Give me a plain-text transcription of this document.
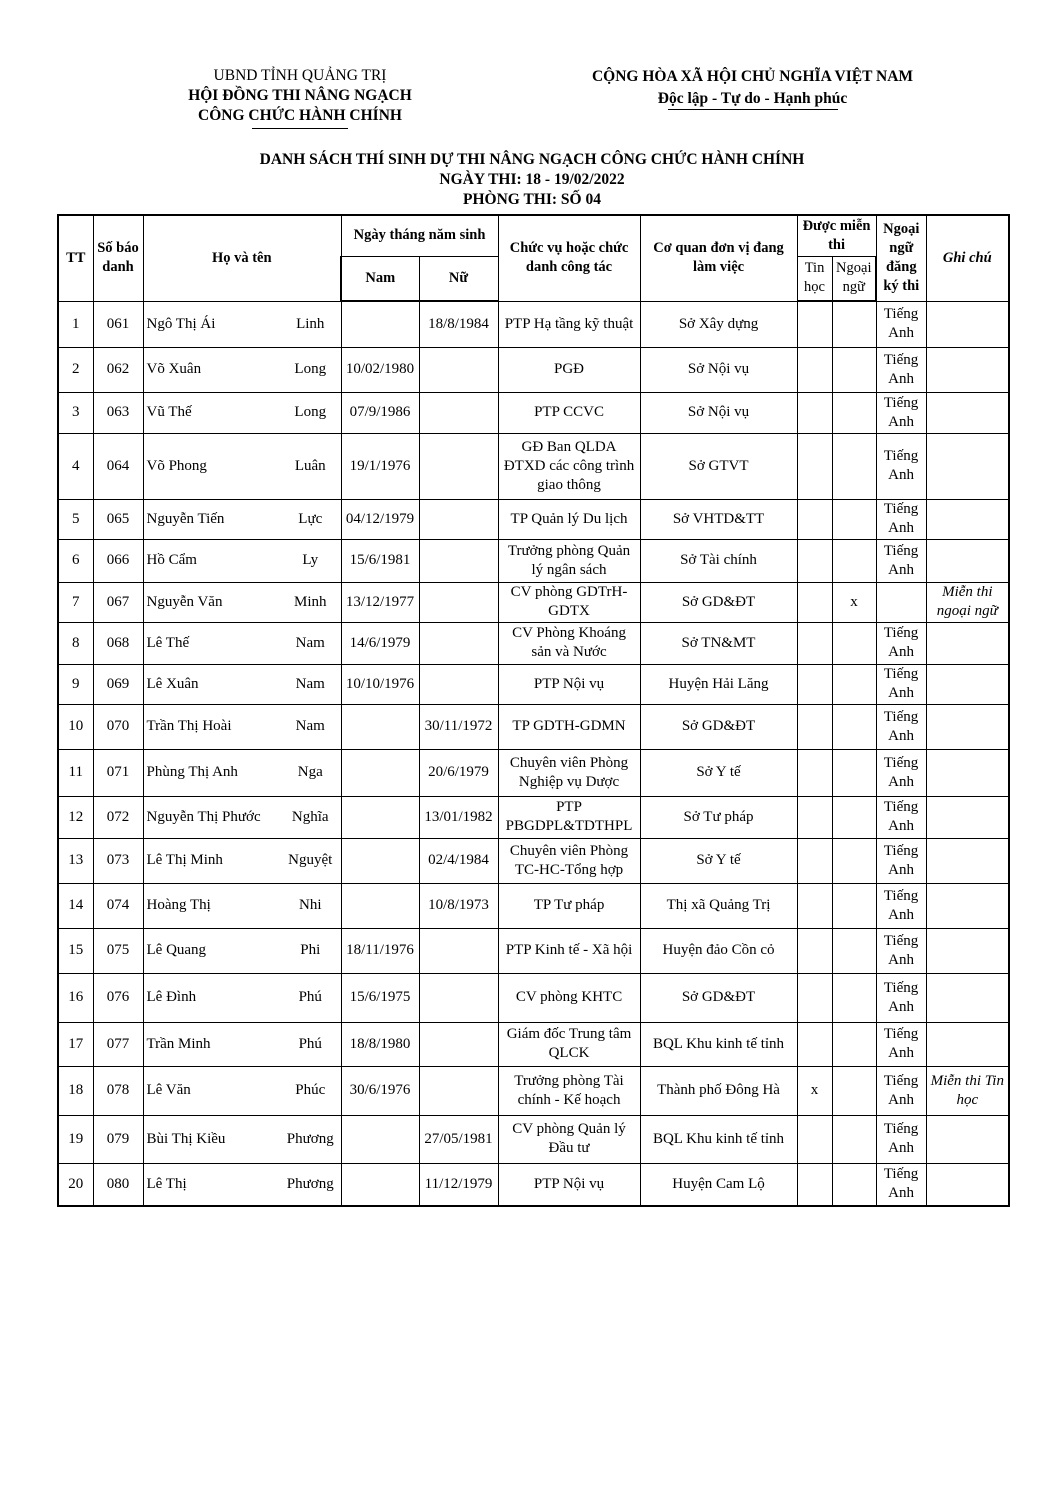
UBND TỈNH QUẢNG TRỊ
HỘI ĐỒNG THI NÂNG NGẠCH
CÔNG CHỨC HÀNH CHÍNH
CỘNG HÒA XÃ HỘI CHỦ NGHĨA VIỆT NAM
Độc lập - Tự do - Hạnh phúc
DANH SÁCH THÍ SINH DỰ THI NÂNG NGẠCH CÔNG CHỨC HÀNH CHÍNH
NGÀY THI: 18 - 19/02/2022
PHÒNG THI: SỐ 04
TT	Số báo danh	Họ và tên		Ngày tháng năm sinh		Chức vụ hoặc chức danh công tác	Cơ quan đơn vị đang làm việc	Được miễn thi		Ngoại ngữ đăng ký thi	Ghi chú
				Nam	Nữ			Tin học	Ngoại ngữ		
1	061	Ngô Thị Ái	Linh		18/8/1984	PTP Hạ tầng kỹ thuật	Sở Xây dựng			Tiếng Anh	
2	062	Võ Xuân	Long	10/02/1980		PGĐ	Sở Nội vụ			Tiếng Anh	
3	063	Vũ Thế	Long	07/9/1986		PTP CCVC	Sở Nội vụ			Tiếng Anh	
4	064	Võ Phong	Luân	19/1/1976		GĐ Ban QLDA ĐTXD các công trình giao thông	Sở GTVT			Tiếng Anh	
5	065	Nguyễn Tiến	Lực	04/12/1979		TP Quản lý Du lịch	Sở VHTD&TT			Tiếng Anh	
6	066	Hồ Cẩm	Ly	15/6/1981		Trưởng phòng Quản lý ngân sách	Sở Tài chính			Tiếng Anh	
7	067	Nguyễn Văn	Minh	13/12/1977		CV phòng GDTrH-GDTX	Sở GD&ĐT		x		Miễn thi ngoại ngữ
8	068	Lê Thế	Nam	14/6/1979		CV Phòng Khoáng sản và Nước	Sở TN&MT			Tiếng Anh	
9	069	Lê Xuân	Nam	10/10/1976		PTP Nội vụ	Huyện Hải Lăng			Tiếng Anh	
10	070	Trần Thị Hoài	Nam		30/11/1972	TP GDTH-GDMN	Sở GD&ĐT			Tiếng Anh	
11	071	Phùng Thị Anh	Nga		20/6/1979	Chuyên viên Phòng Nghiệp vụ Dược	Sở Y tế			Tiếng Anh	
12	072	Nguyễn Thị Phước	Nghĩa		13/01/1982	PTP PBGDPL&TDTHPL	Sở Tư pháp			Tiếng Anh	
13	073	Lê Thị Minh	Nguyệt		02/4/1984	Chuyên viên Phòng TC-HC-Tổng hợp	Sở Y tế			Tiếng Anh	
14	074	Hoàng Thị	Nhi		10/8/1973	TP Tư pháp	Thị xã Quảng Trị			Tiếng Anh	
15	075	Lê Quang	Phi	18/11/1976		PTP Kinh tế - Xã hội	Huyện đảo Cồn cỏ			Tiếng Anh	
16	076	Lê Đình	Phú	15/6/1975		CV phòng KHTC	Sở GD&ĐT			Tiếng Anh	
17	077	Trần Minh	Phú	18/8/1980		Giám đốc Trung tâm QLCK	BQL Khu kinh tế tỉnh			Tiếng Anh	
18	078	Lê Văn	Phúc	30/6/1976		Trưởng phòng Tài chính - Kế hoạch	Thành phố Đông Hà	x		Tiếng Anh	Miễn thi Tin học
19	079	Bùi Thị Kiều	Phương		27/05/1981	CV phòng Quản lý Đầu tư	BQL Khu kinh tế tỉnh			Tiếng Anh	
20	080	Lê Thị	Phương		11/12/1979	PTP Nội vụ	Huyện Cam Lộ			Tiếng Anh	
